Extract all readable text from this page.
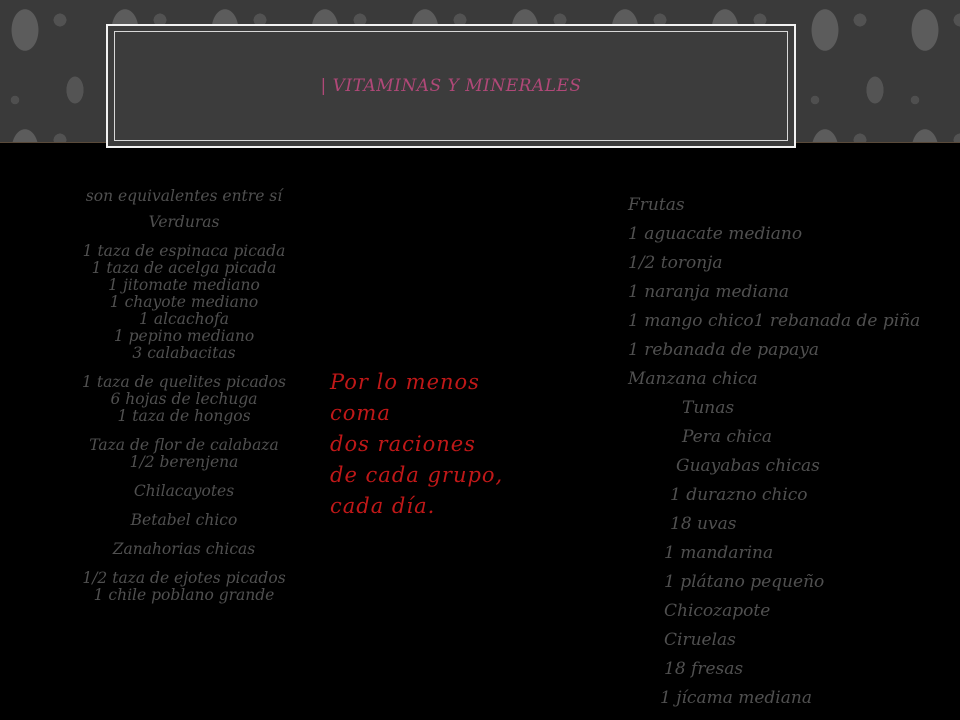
| VITAMINAS Y MINERALES
son equivalentes entre sí
Verduras
1 taza de espinaca picada
1 taza de acelga picada
1 jitomate mediano
1 chayote mediano
1 alcachofa
1 pepino mediano
3 calabacitas
1 taza de quelites picados
6 hojas de lechuga
1 taza de hongos
Taza de flor de calabaza
1/2 berenjena
Chilacayotes
Betabel chico
Zanahorias chicas
1/2 taza de ejotes picados
1 chile poblano grande
Por lo menos
coma
dos raciones
de cada grupo,
cada día.
Frutas
1 aguacate mediano
1/2 toronja
1 naranja mediana
1 mango chico1 rebanada de piña
1 rebanada de papaya
Manzana chica
Tunas
Pera chica
Guayabas chicas
1 durazno chico
18 uvas
1 mandarina
1 plátano pequeño
Chicozapote
Ciruelas
18 fresas
1 jícama mediana
